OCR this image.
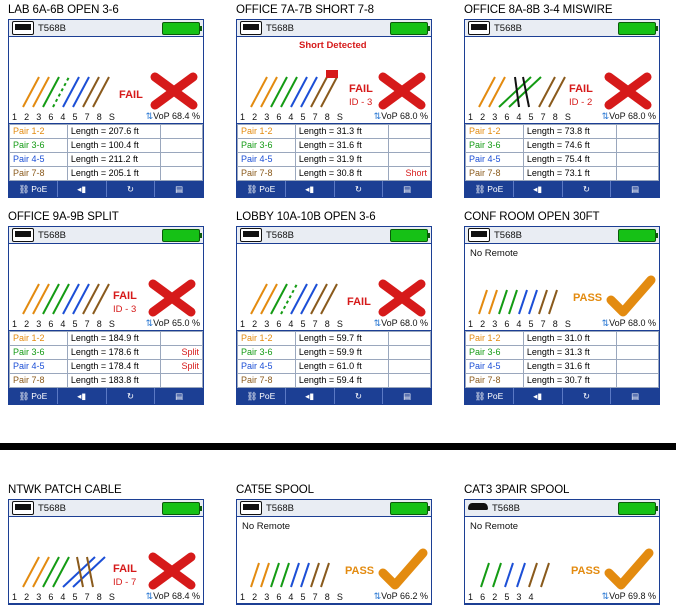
LAB 6A-6B OPEN 3-6
T568B
FAIL
1 2 3 6 4 5 7 8 S	⇅VoP 68.4 %
Pair 1-2	Length = 207.6 ft	
Pair 3-6	Length = 100.4 ft	
Pair 4-5	Length = 211.2 ft	
Pair 7-8	Length = 205.1 ft	
⛓ PoE	◂▮	↻	▤
OFFICE 7A-7B SHORT 7-8
T568B
Short Detected
FAIL
ID - 3
1 2 3 6 4 5 7 8 S	⇅VoP 68.0 %
Pair 1-2	Length = 31.3 ft	
Pair 3-6	Length = 31.6 ft	
Pair 4-5	Length = 31.9 ft	
Pair 7-8	Length = 30.8 ft	Short
⛓ PoE	◂▮	↻	▤
OFFICE 8A-8B 3-4 MISWIRE
T568B
FAIL
ID - 2
1 2 3 6 4 5 7 8 S	⇅VoP 68.0 %
Pair 1-2	Length = 73.8 ft	
Pair 3-6	Length = 74.6 ft	
Pair 4-5	Length = 75.4 ft	
Pair 7-8	Length = 73.1 ft	
⛓ PoE	◂▮	↻	▤
OFFICE 9A-9B SPLIT
T568B
FAIL
ID - 3
1 2 3 6 4 5 7 8 S	⇅VoP 65.0 %
Pair 1-2	Length = 184.9 ft	
Pair 3-6	Length = 178.6 ft	Split
Pair 4-5	Length = 178.4 ft	Split
Pair 7-8	Length = 183.8 ft	
⛓ PoE	◂▮	↻	▤
LOBBY 10A-10B OPEN 3-6
T568B
FAIL
1 2 3 6 4 5 7 8 S	⇅VoP 68.0 %
Pair 1-2	Length = 59.7 ft	
Pair 3-6	Length = 59.9 ft	
Pair 4-5	Length = 61.0 ft	
Pair 7-8	Length = 59.4 ft	
⛓ PoE	◂▮	↻	▤
CONF ROOM OPEN 30FT
T568B
No Remote
PASS
1 2 3 6 4 5 7 8 S	⇅VoP 68.0 %
Pair 1-2	Length = 31.0 ft	
Pair 3-6	Length = 31.3 ft	
Pair 4-5	Length = 31.6 ft	
Pair 7-8	Length = 30.7 ft	
⛓ PoE	◂▮	↻	▤
NTWK PATCH CABLE
T568B
FAIL
ID - 7
1 2 3 6 4 5 7 8 S	⇅VoP 68.4 %
CAT5E SPOOL
T568B
No Remote
PASS
1 2 3 6 4 5 7 8 S	⇅VoP 66.2 %
CAT3 3PAIR SPOOL
T568B
No Remote
PASS
1 6 2 5 3 4	⇅VoP 69.8 %
